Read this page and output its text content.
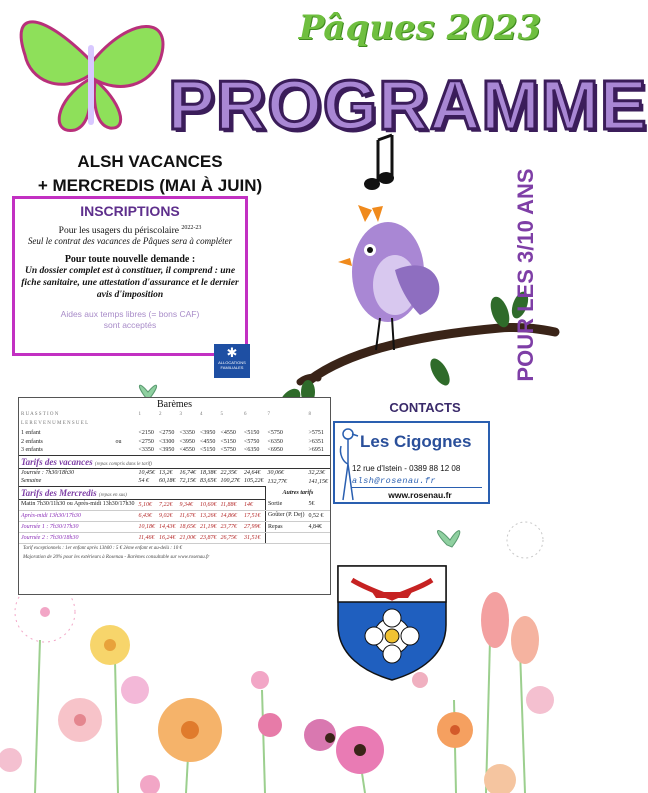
Pâques 2023
PROGRAMME
ALSH VACANCES
+ MERCREDIS (MAI À JUIN)	POUR LES 3/10 ANS
INSCRIPTIONS
Pour les usagers du périscolaire $^{2022-23}$
Seul le contrat des vacances de Pâques sera à compléter
Pour toute nouvelle demande :
Un dossier complet est à constituer, il comprend : une fiche sanitaire, une attestation d'assurance et le dernier avis d'imposition
Aides aux temps libres (= bons CAF)
sont acceptés
✱
ALLOCATIONS FAMILIALES
Barèmes
R U A S S T I O N		1	2	3	4	5	6	7	8
L E R E V E N U M E N S U E L									
1 enfant		<2150	<2750	<3350	<3950	<4550	<5150	<5750	>5751
2 enfants	ou	<2750	<3300	<3950	<4550	<5150	<5750	<6350	>6351
3 enfants		<3350	<3950	<4550	<5150	<5750	<6350	<6950	>6951
Tarifs des vacances (repas compris dans le tarif)									
Journée : 7h30/18h30		10,45€	13,2€	16,74€	18,38€	22,35€	24,64€	30,06€	32,23€
Semaine		54 €	60,18€	72,15€	83,65€	100,27€	105,22€	132,77€	141,15€
Tarifs des Mercredis (repas en sus)								Autres tarifs	
Matin 7h30/11h30 ou Après-midi 13h30/17h30		5,10€	7,22€	9,34€	10,60€	11,88€	14€	Sortie	5€
Après-midi 13h30/17h30		6,43€	9,02€	11,67€	13,26€	14,86€	17,51€	Goûter (P. Dej)	0,52 €
Journée 1 : 7h30/17h30		10,18€	14,43€	18,65€	21,19€	23,77€	27,99€	Repas	4,84€
Journée 2 : 7h30/18h30		11,46€	16,24€	21,00€	23,87€	26,75€	31,51€		
Tarif exceptionnels : 1er enfant après 13h00 : 5 € 2ème enfant et au-delà : 10 €
Majoration de 20% pour les extérieurs à Rosenau - Barèmes consultable sur www.rosenau.fr
CONTACTS
Les Cigognes
12 rue d'Istein - 0389 88 12 08
alsh@rosenau.fr
www.rosenau.fr
